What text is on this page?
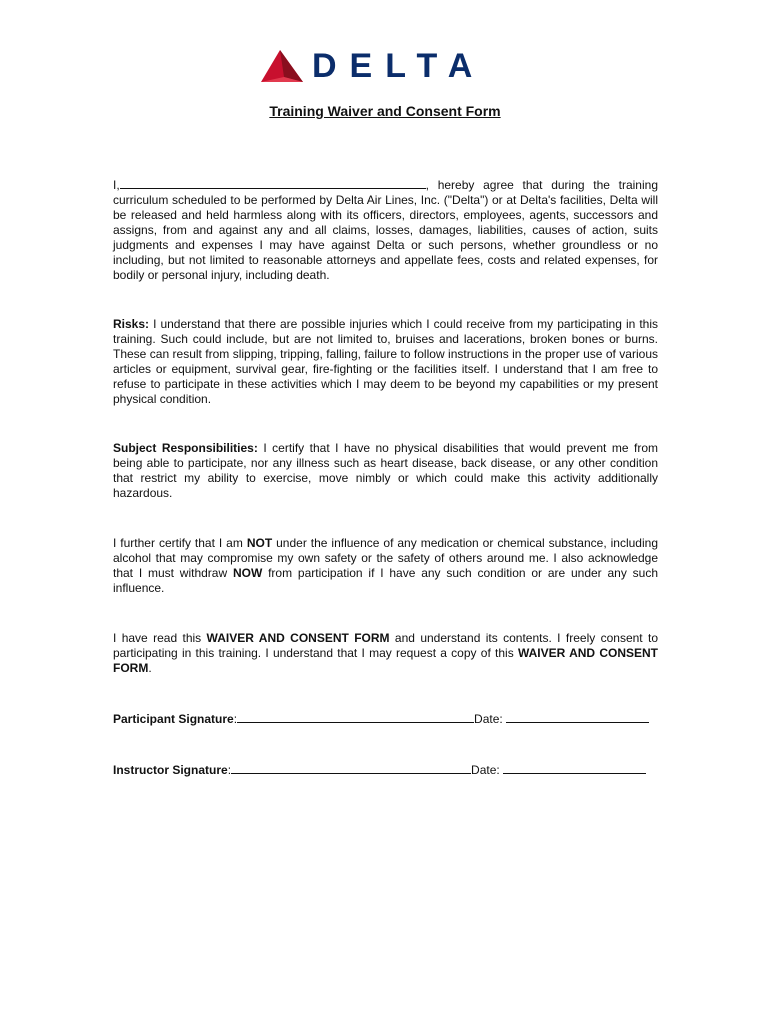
DELTA
Training Waiver and Consent Form
I,	, hereby agree that during the training curriculum scheduled to be performed by Delta Air Lines, Inc. ("Delta") or at Delta's facilities, Delta will be released and held harmless along with its officers, directors, employees, agents, successors and assigns, from and against any and all claims, losses, damages, liabilities, causes of action, suits judgments and expenses I may have against Delta or such persons, whether groundless or no including, but not limited to reasonable attorneys and appellate fees, costs and related expenses, for bodily or personal injury, including death.
Risks: I understand that there are possible injuries which I could receive from my participating in this training. Such could include, but are not limited to, bruises and lacerations, broken bones or burns. These can result from slipping, tripping, falling, failure to follow instructions in the proper use of various articles or equipment, survival gear, fire-fighting or the facilities itself. I understand that I am free to refuse to participate in these activities which I may deem to be beyond my capabilities or my present physical condition.
Subject Responsibilities: I certify that I have no physical disabilities that would prevent me from being able to participate, nor any illness such as heart disease, back disease, or any other condition that restrict my ability to exercise, move nimbly or which could make this activity additionally hazardous.
I further certify that I am NOT under the influence of any medication or chemical substance, including alcohol that may compromise my own safety or the safety of others around me. I also acknowledge that I must withdraw NOW from participation if I have any such condition or are under any such influence.
I have read this WAIVER AND CONSENT FORM and understand its contents. I freely consent to participating in this training. I understand that I may request a copy of this WAIVER AND CONSENT FORM.
Participant Signature:	Date:
Instructor Signature:	Date:
